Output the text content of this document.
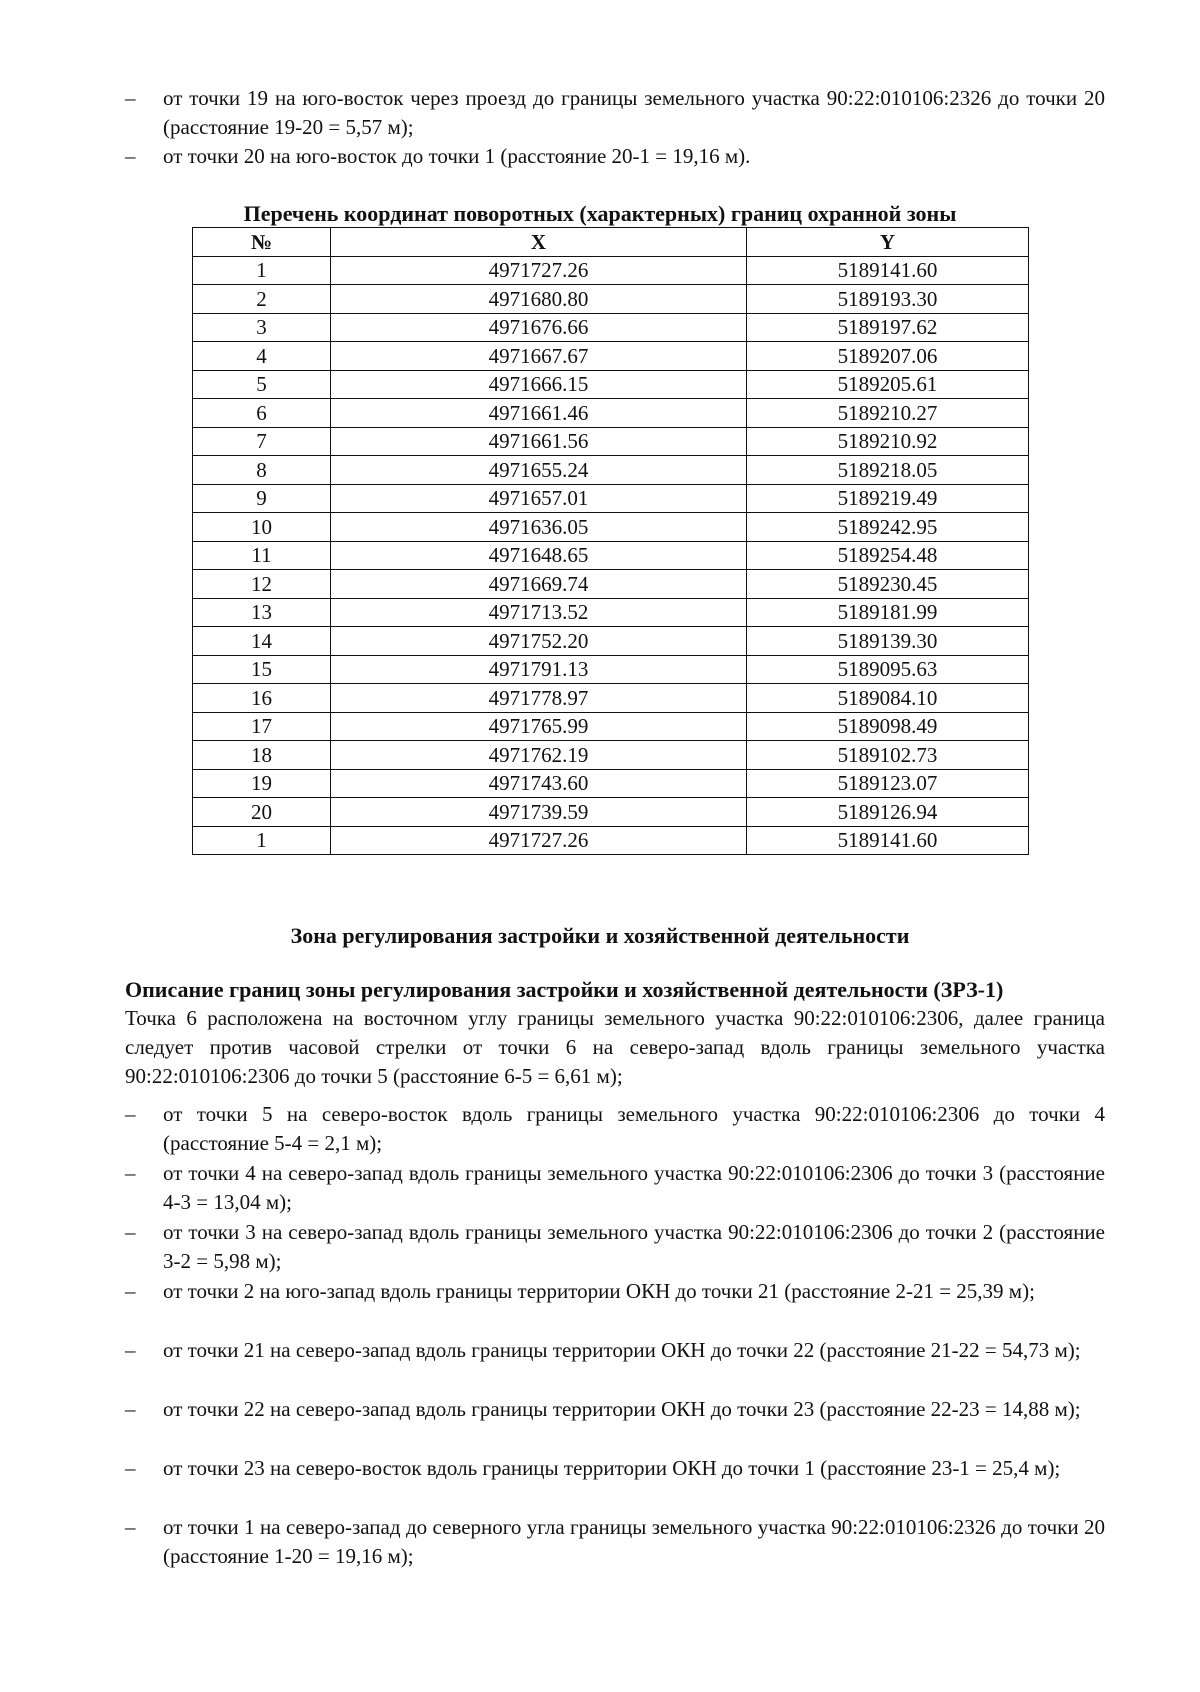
– от точки 19 на юго-восток через проезд до границы земельного участка 90:22:010106:2326 до точки 20 (расстояние 19-20 = 5,57 м);
– от точки 20 на юго-восток до точки 1 (расстояние 20-1 = 19,16 м).
Перечень координат поворотных (характерных) границ охранной зоны
№	X	Y
1	4971727.26	5189141.60
2	4971680.80	5189193.30
3	4971676.66	5189197.62
4	4971667.67	5189207.06
5	4971666.15	5189205.61
6	4971661.46	5189210.27
7	4971661.56	5189210.92
8	4971655.24	5189218.05
9	4971657.01	5189219.49
10	4971636.05	5189242.95
11	4971648.65	5189254.48
12	4971669.74	5189230.45
13	4971713.52	5189181.99
14	4971752.20	5189139.30
15	4971791.13	5189095.63
16	4971778.97	5189084.10
17	4971765.99	5189098.49
18	4971762.19	5189102.73
19	4971743.60	5189123.07
20	4971739.59	5189126.94
1	4971727.26	5189141.60
Зона регулирования застройки и хозяйственной деятельности
Описание границ зоны регулирования застройки и хозяйственной деятельности (ЗРЗ-1)
Точка 6 расположена на восточном углу границы земельного участка 90:22:010106:2306, далее граница следует против часовой стрелки от точки 6 на северо-запад вдоль границы земельного участка 90:22:010106:2306 до точки 5 (расстояние 6-5 = 6,61 м);
– от точки 5 на северо-восток вдоль границы земельного участка 90:22:010106:2306 до точки 4 (расстояние 5-4 = 2,1 м);
– от точки 4 на северо-запад вдоль границы земельного участка 90:22:010106:2306 до точки 3 (расстояние 4-3 = 13,04 м);
– от точки 3 на северо-запад вдоль границы земельного участка 90:22:010106:2306 до точки 2 (расстояние 3-2 = 5,98 м);
– от точки 2 на юго-запад вдоль границы территории ОКН до точки 21 (расстояние 2-21 = 25,39 м);
– от точки 21 на северо-запад вдоль границы территории ОКН до точки 22 (расстояние 21-22 = 54,73 м);
– от точки 22 на северо-запад вдоль границы территории ОКН до точки 23 (расстояние 22-23 = 14,88 м);
– от точки 23 на северо-восток вдоль границы территории ОКН до точки 1 (расстояние 23-1 = 25,4 м);
– от точки 1 на северо-запад до северного угла границы земельного участка 90:22:010106:2326 до точки 20 (расстояние 1-20 = 19,16 м);
